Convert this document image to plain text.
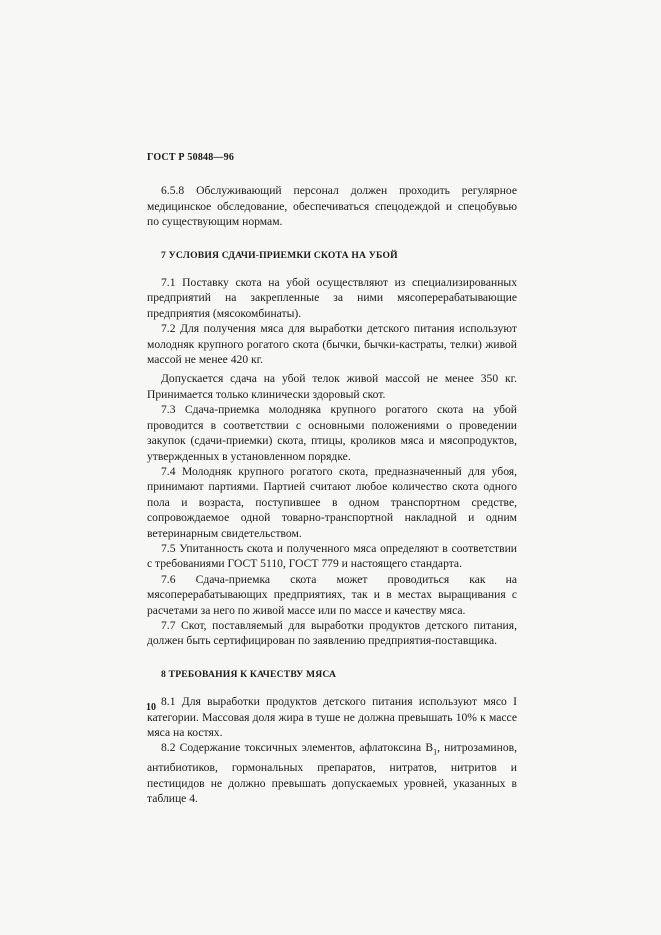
ГОСТ Р 50848—96

6.5.8 Обслуживающий персонал должен проходить регулярное медицинское обследование, обеспечиваться спецодеждой и спецобувью по существующим нормам.

7 УСЛОВИЯ СДАЧИ-ПРИЕМКИ СКОТА НА УБОЙ

7.1 Поставку скота на убой осуществляют из специализированных предприятий на закрепленные за ними мясоперерабатывающие предприятия (мясокомбинаты).

7.2 Для получения мяса для выработки детского питания используют молодняк крупного рогатого скота (бычки, бычки-кастраты, телки) живой массой не менее 420 кг.

Допускается сдача на убой телок живой массой не менее 350 кг. Принимается только клинически здоровый скот.

7.3 Сдача-приемка молодняка крупного рогатого скота на убой проводится в соответствии с основными положениями о проведении закупок (сдачи-приемки) скота, птицы, кроликов мяса и мясопродуктов, утвержденных в установленном порядке.

7.4 Молодняк крупного рогатого скота, предназначенный для убоя, принимают партиями. Партией считают любое количество скота одного пола и возраста, поступившее в одном транспортном средстве, сопровождаемое одной товарно-транспортной накладной и одним ветеринарным свидетельством.

7.5 Упитанность скота и полученного мяса определяют в соответствии с требованиями ГОСТ 5110, ГОСТ 779 и настоящего стандарта.

7.6 Сдача-приемка скота может проводиться как на мясоперерабатывающих предприятиях, так и в местах выращивания с расчетами за него по живой массе или по массе и качеству мяса.

7.7 Скот, поставляемый для выработки продуктов детского питания, должен быть сертифицирован по заявлению предприятия-поставщика.

8 ТРЕБОВАНИЯ К КАЧЕСТВУ МЯСА

8.1 Для выработки продуктов детского питания используют мясо I категории. Массовая доля жира в туше не должна превышать 10% к массе мяса на костях.

8.2 Содержание токсичных элементов, афлатоксина $B_1$, нитрозаминов, антибиотиков, гормональных препаратов, нитратов, нитритов и пестицидов не должно превышать допускаемых уровней, указанных в таблице 4.

10
